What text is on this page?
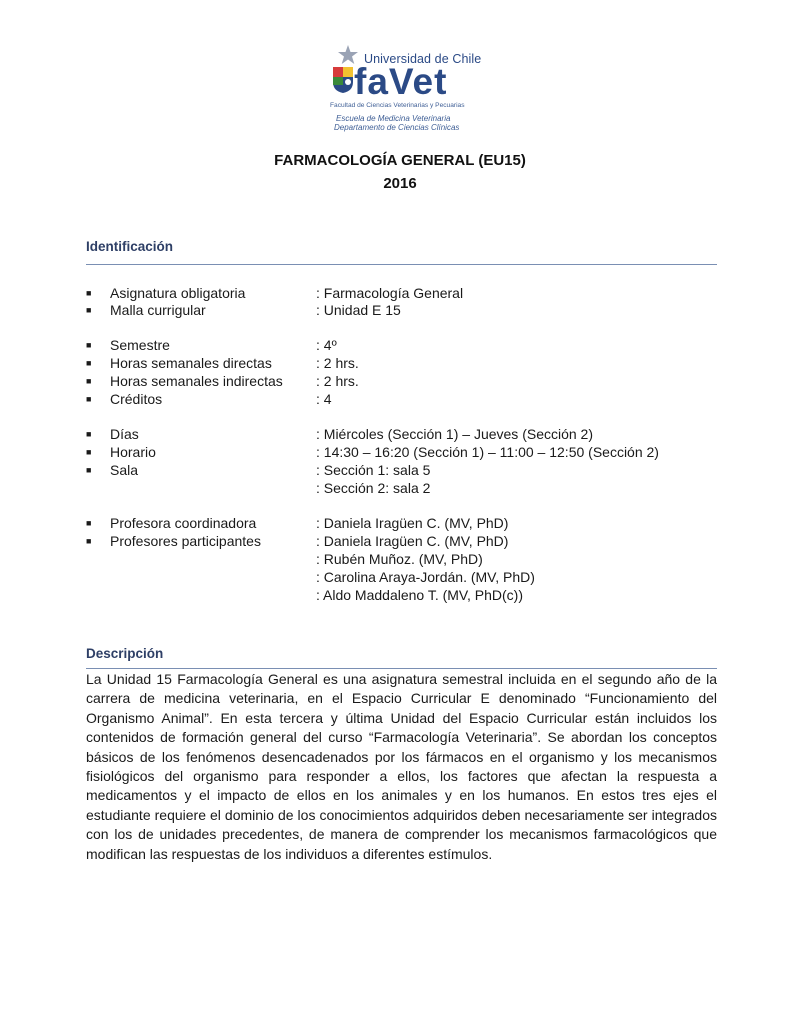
Universidad de Chile
faVet
Facultad de Ciencias Veterinarias y Pecuarias
Escuela de Medicina Veterinaria
Departamento de Ciencias Clínicas
FARMACOLOGÍA GENERAL (EU15)
2016
Identificación
■ Asignatura obligatoria	: Farmacología General
■ Malla currigular	: Unidad E 15
■ Semestre	: 4º
■ Horas semanales directas	: 2 hrs.
■ Horas semanales indirectas : 2 hrs.
■ Créditos	: 4
■ Días	: Miércoles (Sección 1) – Jueves (Sección 2)
■ Horario	: 14:30 – 16:20 (Sección 1) – 11:00 – 12:50 (Sección 2)
■ Sala	: Sección 1: sala 5
: Sección 2: sala 2
■ Profesora coordinadora	: Daniela Iragüen C. (MV, PhD)
■ Profesores participantes	: Daniela Iragüen C. (MV, PhD)
: Rubén Muñoz. (MV, PhD)
: Carolina Araya-Jordán. (MV, PhD)
: Aldo Maddaleno T. (MV, PhD(c))
Descripción
La Unidad 15 Farmacología General es una asignatura semestral incluida en el segundo año de la carrera de medicina veterinaria, en el Espacio Curricular E denominado “Funcionamiento del Organismo Animal”. En esta tercera y última Unidad del Espacio Curricular están incluidos los contenidos de formación general del curso “Farmacología Veterinaria”. Se abordan los conceptos básicos de los fenómenos desencadenados por los fármacos en el organismo y los mecanismos fisiológicos del organismo para responder a ellos, los factores que afectan la respuesta a medicamentos y el impacto de ellos en los animales y en los humanos. En estos tres ejes el estudiante requiere el dominio de los conocimientos adquiridos deben necesariamente ser integrados con los de unidades precedentes, de manera de comprender los mecanismos farmacológicos que modifican las respuestas de los individuos a diferentes estímulos.
